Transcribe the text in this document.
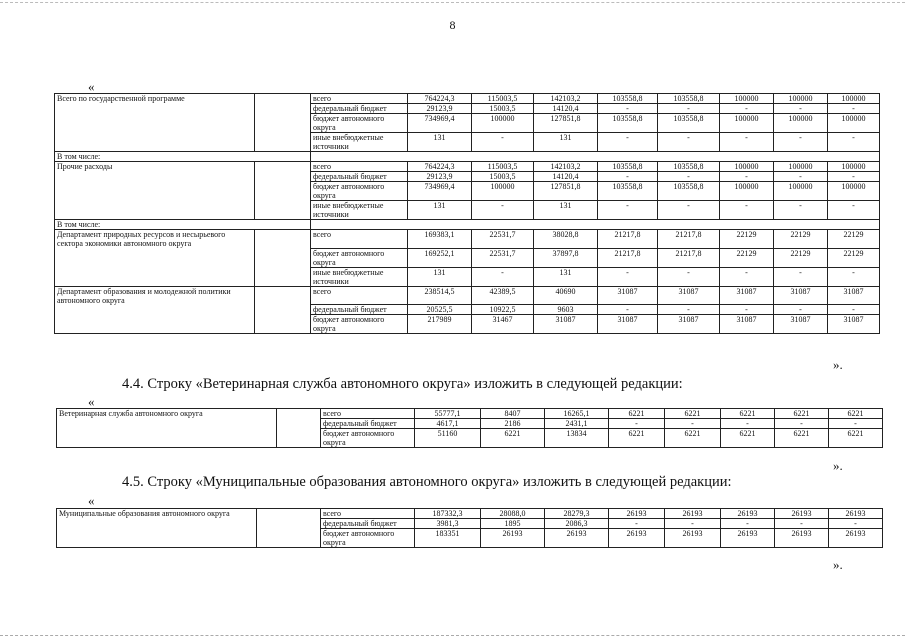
8
«
Всего по государственной программе		всего	764224,3	115003,5	142103,2	103558,8	103558,8	100000	100000	100000
		федеральный бюджет	29123,9	15003,5	14120,4	-	-	-	-	-
		бюджет автономного округа	734969,4	100000	127851,8	103558,8	103558,8	100000	100000	100000
		иные внебюджетные источники	131	-	131	-	-	-	-	-
В том числе:										
Прочие расходы		всего	764224,3	115003,5	142103,2	103558,8	103558,8	100000	100000	100000
		федеральный бюджет	29123,9	15003,5	14120,4	-	-	-	-	-
		бюджет автономного округа	734969,4	100000	127851,8	103558,8	103558,8	100000	100000	100000
		иные внебюджетные источники	131	-	131	-	-	-	-	-
В том числе:										
Департамент природных ресурсов и несырьевого сектора экономики автономного округа		всего	169383,1	22531,7	38028,8	21217,8	21217,8	22129	22129	22129
		бюджет автономного округа	169252,1	22531,7	37897,8	21217,8	21217,8	22129	22129	22129
		иные внебюджетные источники	131	-	131	-	-	-	-	-
Департамент образования и молодежной политики автономного округа		всего	238514,5	42389,5	40690	31087	31087	31087	31087	31087
		федеральный бюджет	20525,5	10922,5	9603	-	-	-	-	-
		бюджет автономного округа	217989	31467	31087	31087	31087	31087	31087	31087
».
4.4. Строку «Ветеринарная служба автономного округа» изложить в следующей редакции:
«
Ветеринарная служба автономного округа		всего	55777,1	8407	16265,1	6221	6221	6221	6221	6221
		федеральный бюджет	4617,1	2186	2431,1	-	-	-	-	-
		бюджет автономного округа	51160	6221	13834	6221	6221	6221	6221	6221
».
4.5. Строку «Муниципальные образования автономного округа» изложить в следующей редакции:
«
Муниципальные образования автономного округа		всего	187332,3	28088,0	28279,3	26193	26193	26193	26193	26193
		федеральный бюджет	3981,3	1895	2086,3	-	-	-	-	-
		бюджет автономного округа	183351	26193	26193	26193	26193	26193	26193	26193
».
